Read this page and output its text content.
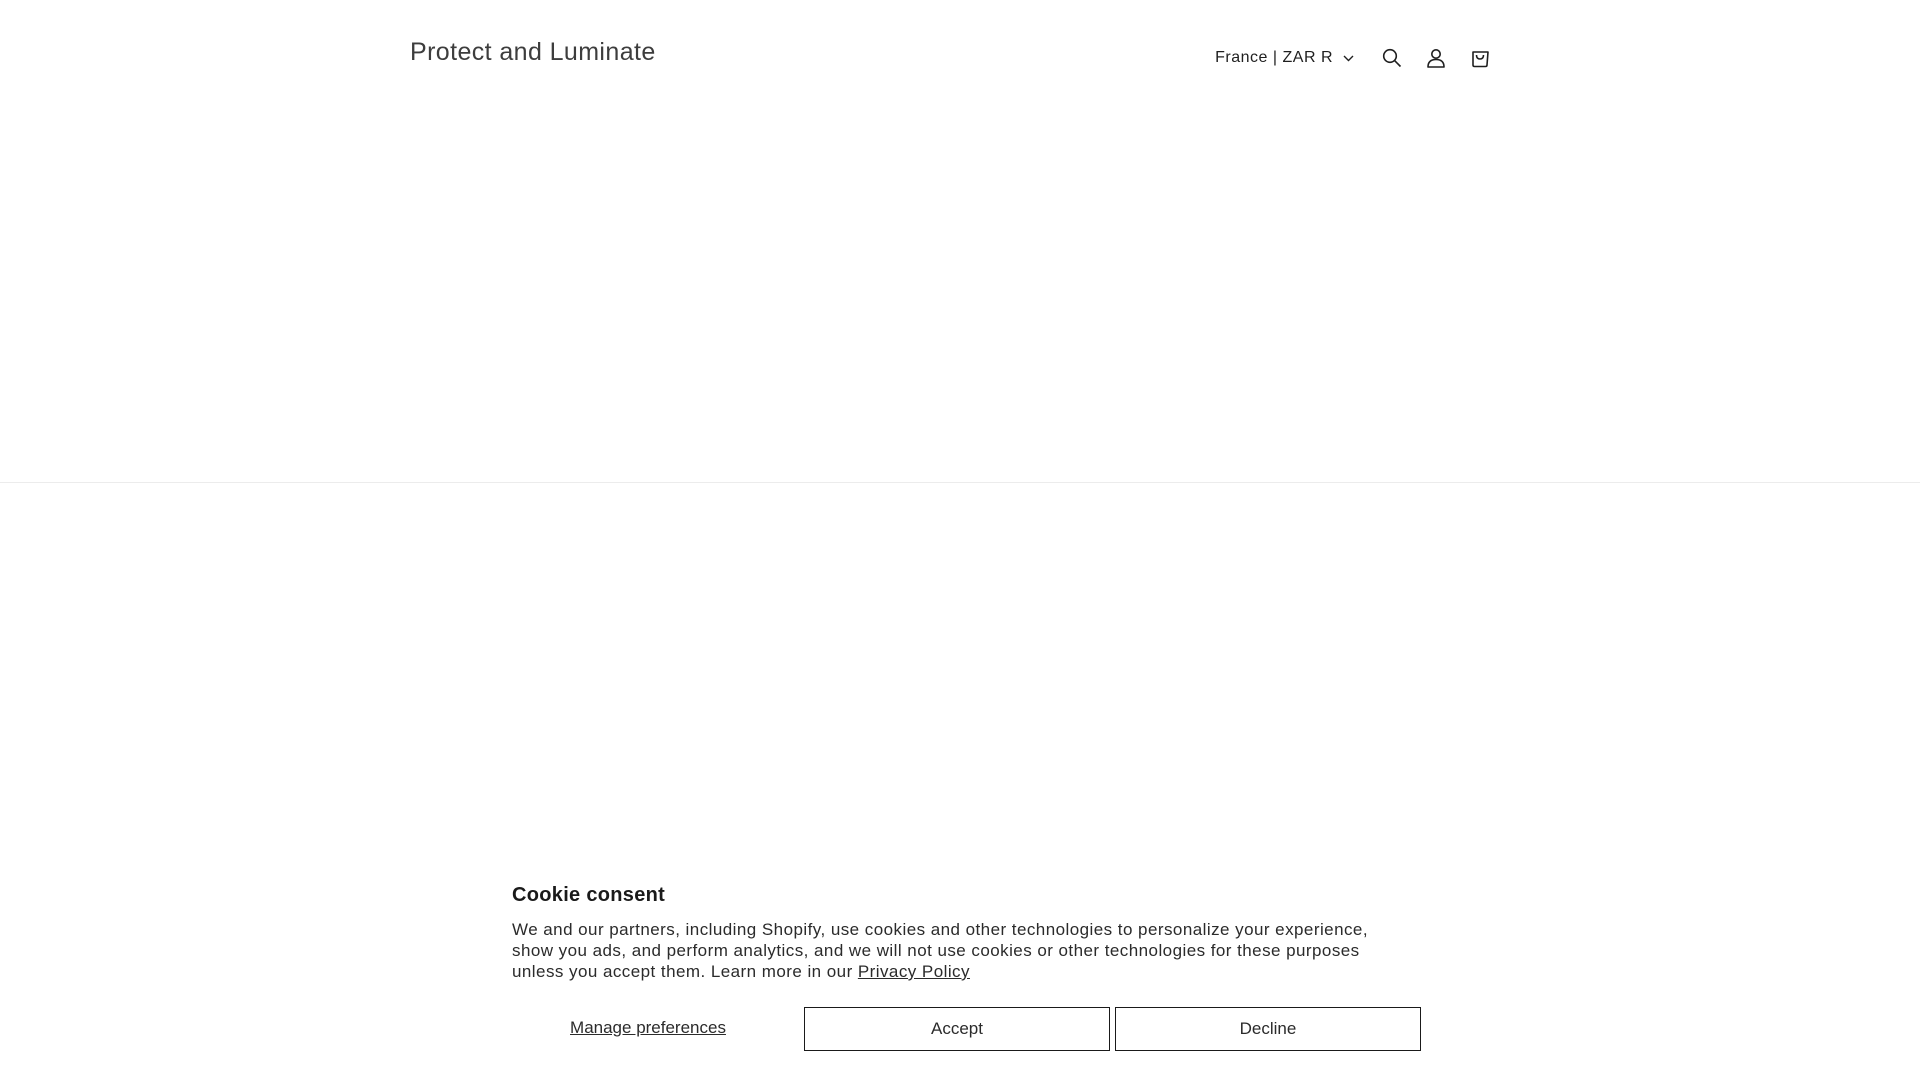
Protect and Luminate	France | ZAR R
Cookie consent

We and our partners, including Shopify, use cookies and other technologies to personalize your experience, show you ads, and perform analytics, and we will not use cookies or other technologies for these purposes unless you accept them. Learn more in our Privacy Policy

Manage preferences	Accept	Decline
